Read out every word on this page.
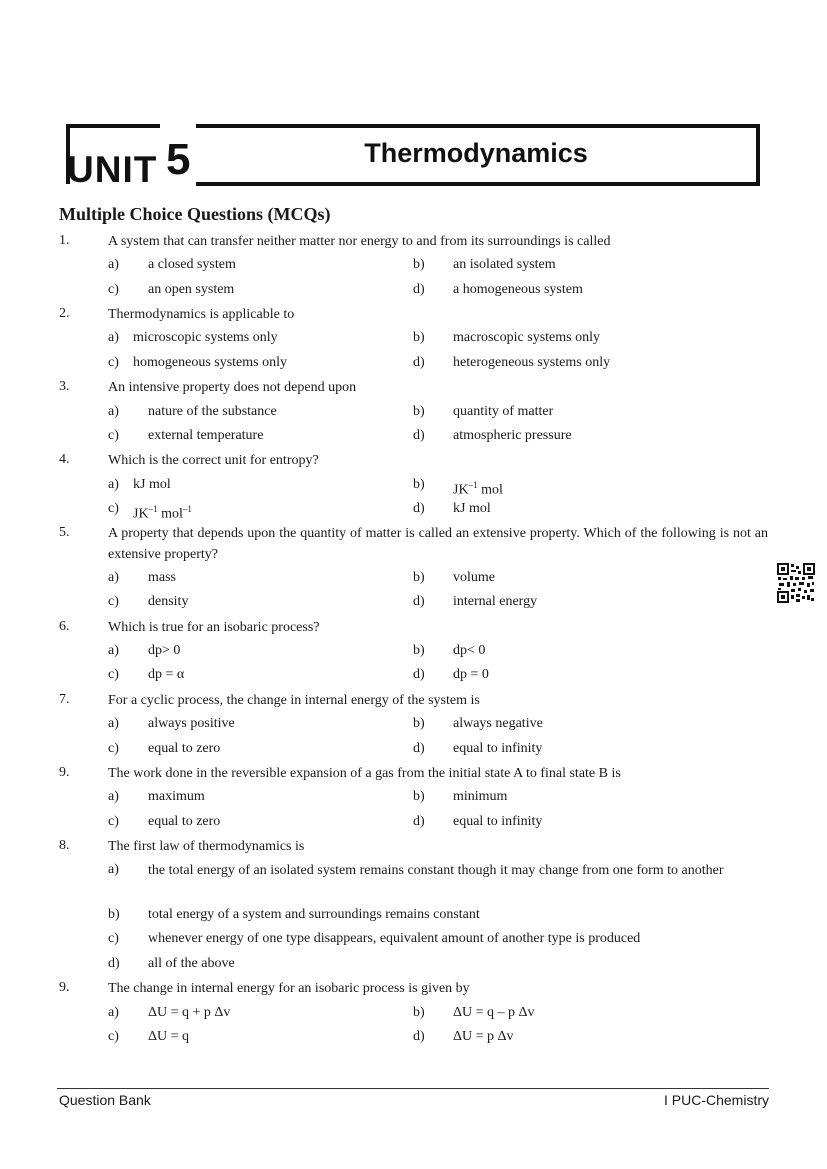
UNIT 5	Thermodynamics
Multiple Choice Questions (MCQs)
1.	A system that can transfer neither matter nor energy to and from its surroundings is called
a) a closed system	b) an isolated system
c) an open system	d) a homogeneous system
2.	Thermodynamics is applicable to
a) microscopic systems only	b) macroscopic systems only
c) homogeneous systems only	d) heterogeneous systems only
3.	An intensive property does not depend upon
a) nature of the substance	b) quantity of matter
c) external temperature	d) atmospheric pressure
4.	Which is the correct unit for entropy?
a) kJ mol	b) $JK^{-1}$ mol
c) $JK^{-1}$ mol$^{-1}$	d) kJ mol
5.	A property that depends upon the quantity of matter is called an extensive property. Which of the following is not an extensive property?
a) mass	b) volume
c) density	d) internal energy
6.	Which is true for an isobaric process?
a) dp> 0	b) dp< 0
c) dp = α	d) dp = 0
7.	For a cyclic process, the change in internal energy of the system is
a) always positive	b) always negative
c) equal to zero	d) equal to infinity
9.	The work done in the reversible expansion of a gas from the initial state A to final state B is
a) maximum	b) minimum
c) equal to zero	d) equal to infinity
8.	The first law of thermodynamics is
a) the total energy of an isolated system remains constant though it may change from one form to another
b) total energy of a system and surroundings remains constant
c) whenever energy of one type disappears, equivalent amount of another type is produced
d) all of the above
9.	The change in internal energy for an isobaric process is given by
a) ΔU = q + p Δv	b) ΔU = q – p Δv
c) ΔU = q	d) ΔU = p Δv
Question Bank	I PUC-Chemistry
